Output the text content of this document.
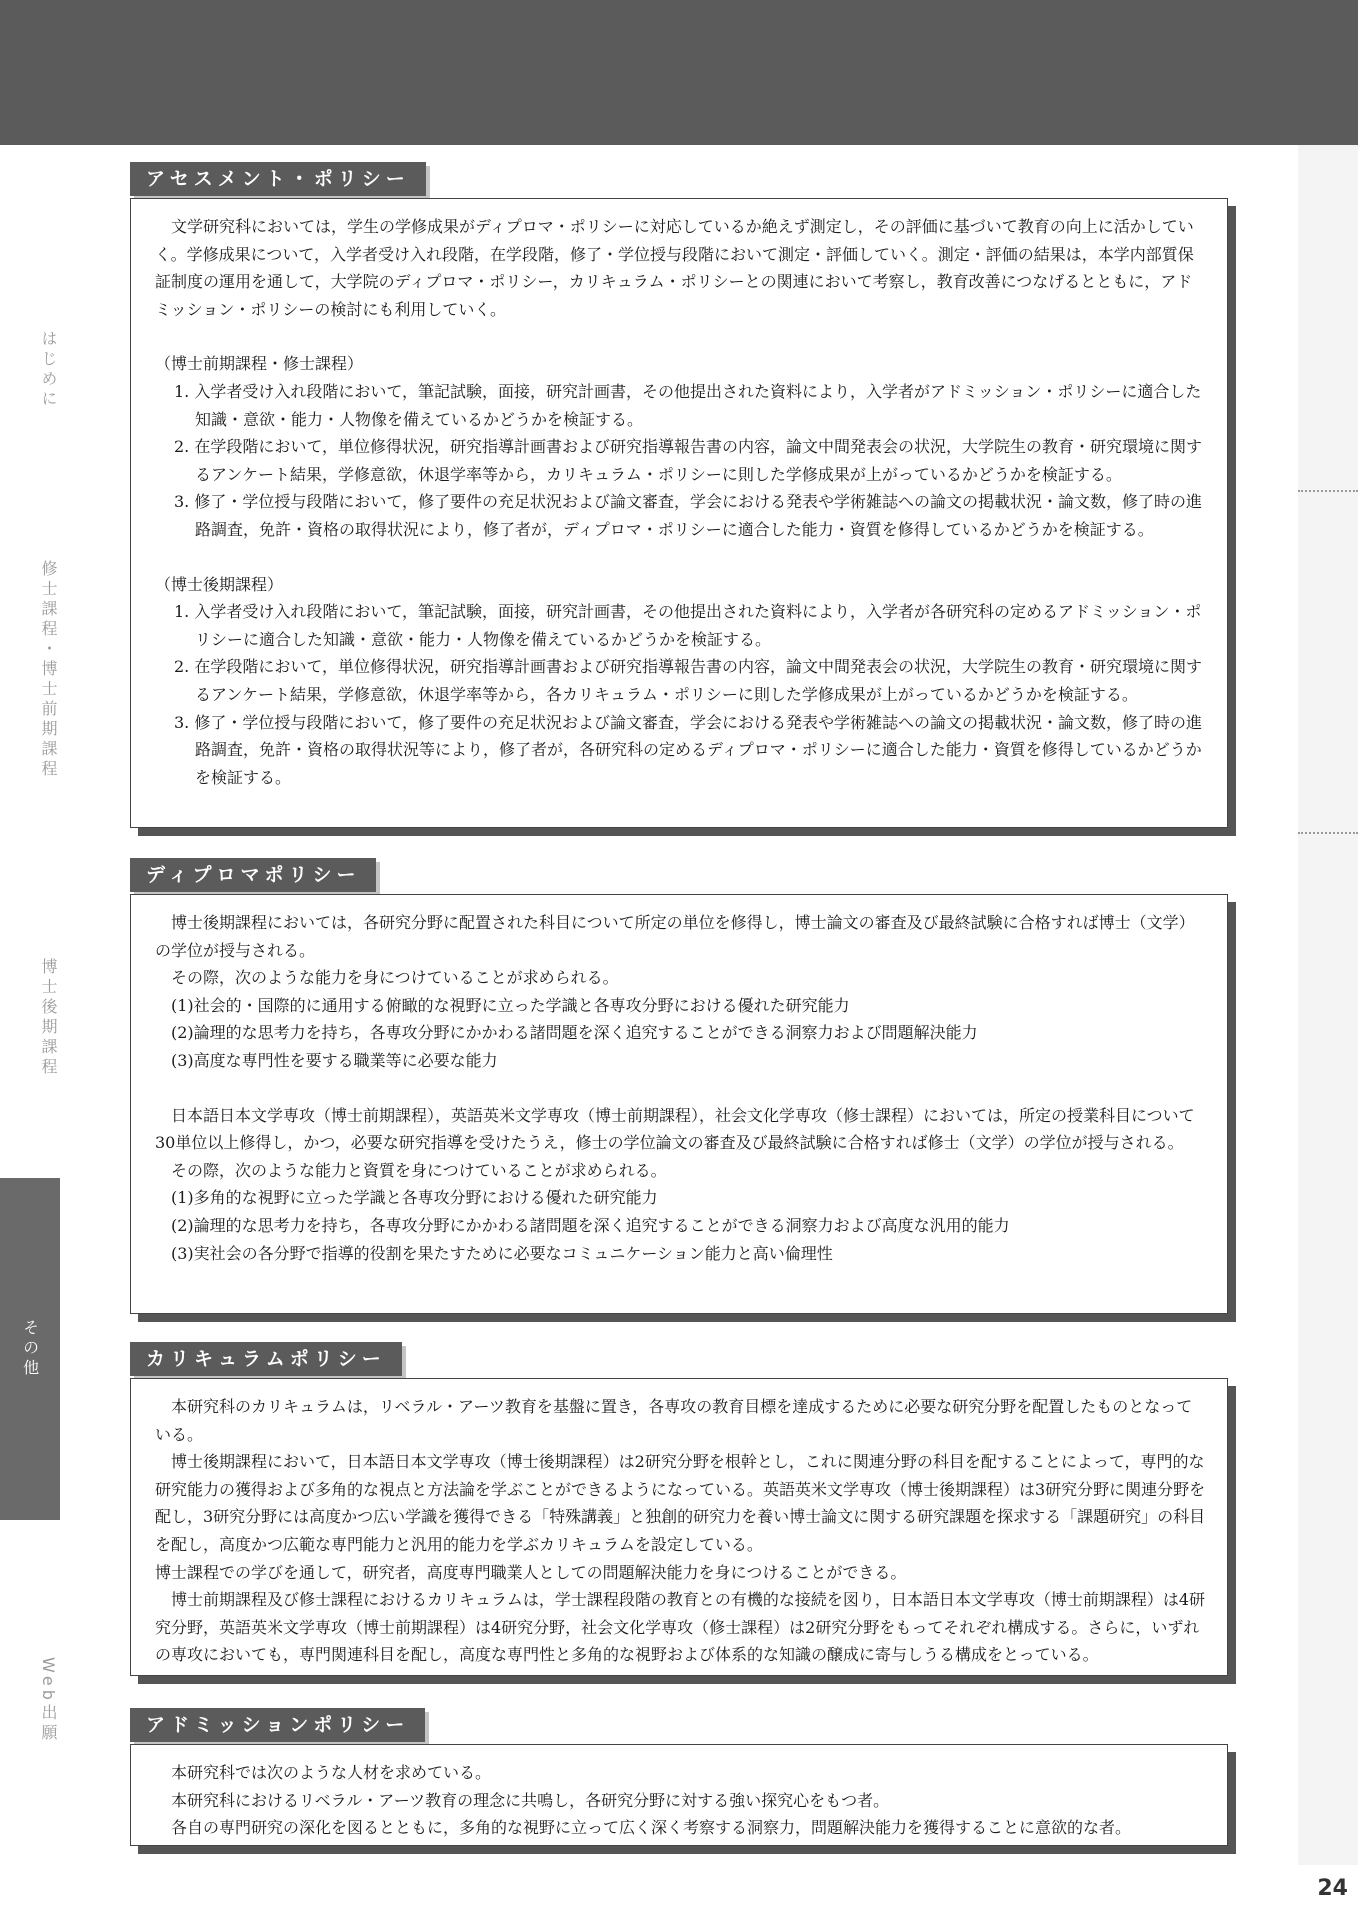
はじめに
修士課程・博士前期課程
博士後期課程
その他
Web出願
24
アセスメント・ポリシー

文学研究科においては，学生の学修成果がディプロマ・ポリシーに対応しているか絶えず測定し，その評価に基づいて教育の向上に活かしていく。学修成果について，入学者受け入れ段階，在学段階，修了・学位授与段階において測定・評価していく。測定・評価の結果は，本学内部質保証制度の運用を通して，大学院のディプロマ・ポリシー，カリキュラム・ポリシーとの関連において考察し，教育改善につなげるとともに，アドミッション・ポリシーの検討にも利用していく。

（博士前期課程・修士課程）

1. 入学者受け入れ段階において，筆記試験，面接，研究計画書，その他提出された資料により，入学者がアドミッション・ポリシーに適合した知識・意欲・能力・人物像を備えているかどうかを検証する。

2. 在学段階において，単位修得状況，研究指導計画書および研究指導報告書の内容，論文中間発表会の状況，大学院生の教育・研究環境に関するアンケート結果，学修意欲，休退学率等から，カリキュラム・ポリシーに則した学修成果が上がっているかどうかを検証する。

3. 修了・学位授与段階において，修了要件の充足状況および論文審査，学会における発表や学術雑誌への論文の掲載状況・論文数，修了時の進路調査，免許・資格の取得状況により，修了者が，ディプロマ・ポリシーに適合した能力・資質を修得しているかどうかを検証する。

（博士後期課程）

1. 入学者受け入れ段階において，筆記試験，面接，研究計画書，その他提出された資料により，入学者が各研究科の定めるアドミッション・ポリシーに適合した知識・意欲・能力・人物像を備えているかどうかを検証する。

2. 在学段階において，単位修得状況，研究指導計画書および研究指導報告書の内容，論文中間発表会の状況，大学院生の教育・研究環境に関するアンケート結果，学修意欲，休退学率等から，各カリキュラム・ポリシーに則した学修成果が上がっているかどうかを検証する。

3. 修了・学位授与段階において，修了要件の充足状況および論文審査，学会における発表や学術雑誌への論文の掲載状況・論文数，修了時の進路調査，免許・資格の取得状況等により，修了者が，各研究科の定めるディプロマ・ポリシーに適合した能力・資質を修得しているかどうかを検証する。

ディプロマポリシー

博士後期課程においては，各研究分野に配置された科目について所定の単位を修得し，博士論文の審査及び最終試験に合格すれば博士（文学）の学位が授与される。

その際，次のような能力を身につけていることが求められる。

(1)社会的・国際的に通用する俯瞰的な視野に立った学識と各専攻分野における優れた研究能力

(2)論理的な思考力を持ち，各専攻分野にかかわる諸問題を深く追究することができる洞察力および問題解決能力

(3)高度な専門性を要する職業等に必要な能力

日本語日本文学専攻（博士前期課程），英語英米文学専攻（博士前期課程），社会文化学専攻（修士課程）においては，所定の授業科目について30単位以上修得し，かつ，必要な研究指導を受けたうえ，修士の学位論文の審査及び最終試験に合格すれば修士（文学）の学位が授与される。

その際，次のような能力と資質を身につけていることが求められる。

(1)多角的な視野に立った学識と各専攻分野における優れた研究能力

(2)論理的な思考力を持ち，各専攻分野にかかわる諸問題を深く追究することができる洞察力および高度な汎用的能力

(3)実社会の各分野で指導的役割を果たすために必要なコミュニケーション能力と高い倫理性

カリキュラムポリシー

本研究科のカリキュラムは，リベラル・アーツ教育を基盤に置き，各専攻の教育目標を達成するために必要な研究分野を配置したものとなっている。

博士後期課程において，日本語日本文学専攻（博士後期課程）は2研究分野を根幹とし，これに関連分野の科目を配することによって，専門的な研究能力の獲得および多角的な視点と方法論を学ぶことができるようになっている。英語英米文学専攻（博士後期課程）は3研究分野に関連分野を配し，3研究分野には高度かつ広い学識を獲得できる「特殊講義」と独創的研究力を養い博士論文に関する研究課題を探求する「課題研究」の科目を配し，高度かつ広範な専門能力と汎用的能力を学ぶカリキュラムを設定している。

博士課程での学びを通して，研究者，高度専門職業人としての問題解決能力を身につけることができる。

博士前期課程及び修士課程におけるカリキュラムは，学士課程段階の教育との有機的な接続を図り，日本語日本文学専攻（博士前期課程）は4研究分野，英語英米文学専攻（博士前期課程）は4研究分野，社会文化学専攻（修士課程）は2研究分野をもってそれぞれ構成する。さらに，いずれの専攻においても，専門関連科目を配し，高度な専門性と多角的な視野および体系的な知識の醸成に寄与しうる構成をとっている。

アドミッションポリシー

本研究科では次のような人材を求めている。

本研究科におけるリベラル・アーツ教育の理念に共鳴し，各研究分野に対する強い探究心をもつ者。

各自の専門研究の深化を図るとともに，多角的な視野に立って広く深く考察する洞察力，問題解決能力を獲得することに意欲的な者。
